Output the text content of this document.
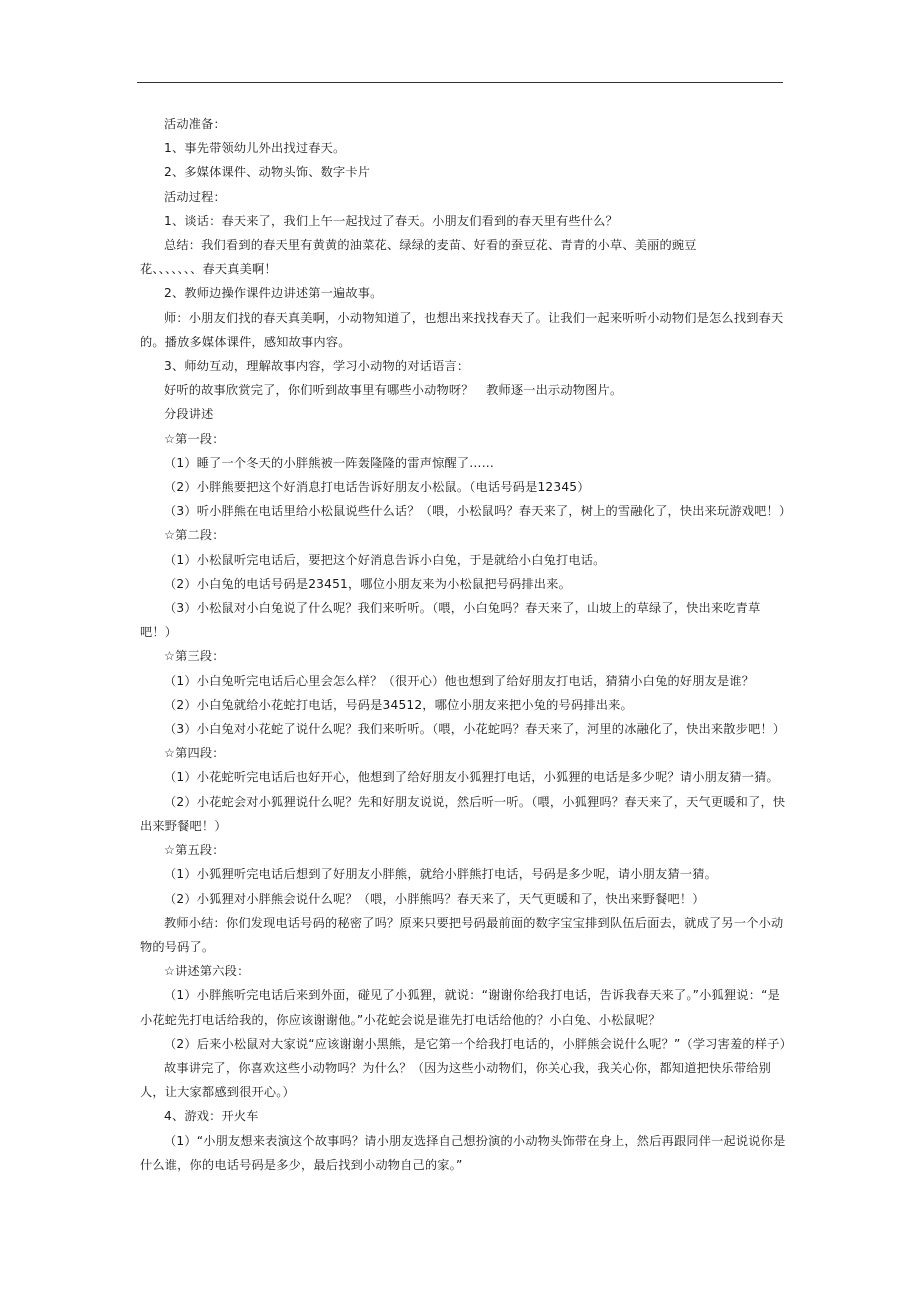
活动准备：

1、事先带领幼儿外出找过春天。

2、多媒体课件、动物头饰、数字卡片

活动过程：

1、谈话：春天来了，我们上午一起找过了春天。小朋友们看到的春天里有些什么？

总结：我们看到的春天里有黄黄的油菜花、绿绿的麦苗、好看的蚕豆花、青青的小草、美丽的豌豆

花、、、、、、、春天真美啊！

2、教师边操作课件边讲述第一遍故事。

师：小朋友们找的春天真美啊，小动物知道了，也想出来找找春天了。让我们一起来听听小动物们是怎么找到春天的。播放多媒体课件，感知故事内容。

3、师幼互动，理解故事内容，学习小动物的对话语言：

好听的故事欣赏完了，你们听到故事里有哪些小动物呀？　教师逐一出示动物图片。

分段讲述

☆第一段：

（1）睡了一个冬天的小胖熊被一阵轰隆隆的雷声惊醒了……

（2）小胖熊要把这个好消息打电话告诉好朋友小松鼠。（电话号码是12345）

（3）听小胖熊在电话里给小松鼠说些什么话？（喂，小松鼠吗？春天来了，树上的雪融化了，快出来玩游戏吧！）

☆第二段：

（1）小松鼠听完电话后，要把这个好消息告诉小白兔，于是就给小白兔打电话。

（2）小白兔的电话号码是23451，哪位小朋友来为小松鼠把号码排出来。

（3）小松鼠对小白兔说了什么呢？我们来听听。（喂，小白兔吗？春天来了，山坡上的草绿了，快出来吃青草吧！）

☆第三段：

（1）小白兔听完电话后心里会怎么样？（很开心）他也想到了给好朋友打电话，猜猜小白兔的好朋友是谁？

（2）小白兔就给小花蛇打电话，号码是34512，哪位小朋友来把小兔的号码排出来。

（3）小白兔对小花蛇了说什么呢？我们来听听。（喂，小花蛇吗？春天来了，河里的冰融化了，快出来散步吧！）

☆第四段：

（1）小花蛇听完电话后也好开心，他想到了给好朋友小狐狸打电话，小狐狸的电话是多少呢？请小朋友猜一猜。

（2）小花蛇会对小狐狸说什么呢？先和好朋友说说，然后听一听。（喂，小狐狸吗？春天来了，天气更暖和了，快出来野餐吧！）

☆第五段：

（1）小狐狸听完电话后想到了好朋友小胖熊，就给小胖熊打电话，号码是多少呢，请小朋友猜一猜。

（2）小狐狸对小胖熊会说什么呢？（喂，小胖熊吗？春天来了，天气更暖和了，快出来野餐吧！）

教师小结：你们发现电话号码的秘密了吗？原来只要把号码最前面的数字宝宝排到队伍后面去，就成了另一个小动物的号码了。

☆讲述第六段：

（1）小胖熊听完电话后来到外面，碰见了小狐狸，就说：“谢谢你给我打电话，告诉我春天来了。”小狐狸说：“是小花蛇先打电话给我的，你应该谢谢他。”小花蛇会说是谁先打电话给他的？小白兔、小松鼠呢？

（2）后来小松鼠对大家说“应该谢谢小黑熊，是它第一个给我打电话的，小胖熊会说什么呢？”（学习害羞的样子）

故事讲完了，你喜欢这些小动物吗？为什么？（因为这些小动物们，你关心我，我关心你，都知道把快乐带给别人，让大家都感到很开心。）

4、游戏：开火车

（1）“小朋友想来表演这个故事吗？请小朋友选择自己想扮演的小动物头饰带在身上，然后再跟同伴一起说说你是什么谁，你的电话号码是多少，最后找到小动物自己的家。”
